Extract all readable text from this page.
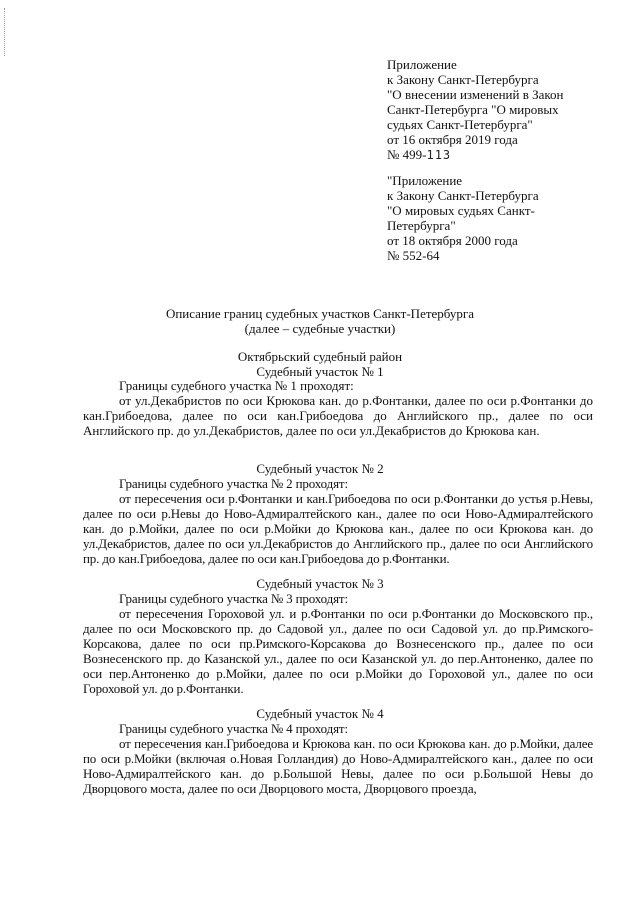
Приложение
к Закону Санкт-Петербурга
"О внесении изменений в Закон
Санкт-Петербурга "О мировых
судьях Санкт-Петербурга"
от 16 октября 2019 года
№ 499-113
"Приложение
к Закону Санкт-Петербурга
"О мировых судьях Санкт-
Петербурга"
от 18 октября 2000 года
№ 552-64
Описание границ судебных участков Санкт-Петербурга
(далее – судебные участки)
Октябрьский судебный район
Судебный участок № 1

Границы судебного участка № 1 проходят:

от ул.Декабристов по оси Крюкова кан. до р.Фонтанки, далее по оси р.Фонтанки до кан.Грибоедова, далее по оси кан.Грибоедова до Английского пр., далее по оси Английского пр. до ул.Декабристов, далее по оси ул.Декабристов до Крюкова кан.

Судебный участок № 2

Границы судебного участка № 2 проходят:

от пересечения оси р.Фонтанки и кан.Грибоедова по оси р.Фонтанки до устья р.Невы, далее по оси р.Невы до Ново-Адмиралтейского кан., далее по оси Ново-Адмиралтейского кан. до р.Мойки, далее по оси р.Мойки до Крюкова кан., далее по оси Крюкова кан. до ул.Декабристов, далее по оси ул.Декабристов до Английского пр., далее по оси Английского пр. до кан.Грибоедова, далее по оси кан.Грибоедова до р.Фонтанки.

Судебный участок № 3

Границы судебного участка № 3 проходят:

от пересечения Гороховой ул. и р.Фонтанки по оси р.Фонтанки до Московского пр., далее по оси Московского пр. до Садовой ул., далее по оси Садовой ул. до пр.Римского-Корсакова, далее по оси пр.Римского-Корсакова до Вознесенского пр., далее по оси Вознесенского пр. до Казанской ул., далее по оси Казанской ул. до пер.Антоненко, далее по оси пер.Антоненко до р.Мойки, далее по оси р.Мойки до Гороховой ул., далее по оси Гороховой ул. до р.Фонтанки.

Судебный участок № 4

Границы судебного участка № 4 проходят:

от пересечения кан.Грибоедова и Крюкова кан. по оси Крюкова кан. до р.Мойки, далее по оси р.Мойки (включая о.Новая Голландия) до Ново-Адмиралтейского кан., далее по оси Ново-Адмиралтейского кан. до р.Большой Невы, далее по оси р.Большой Невы до Дворцового моста, далее по оси Дворцового моста, Дворцового проезда,
